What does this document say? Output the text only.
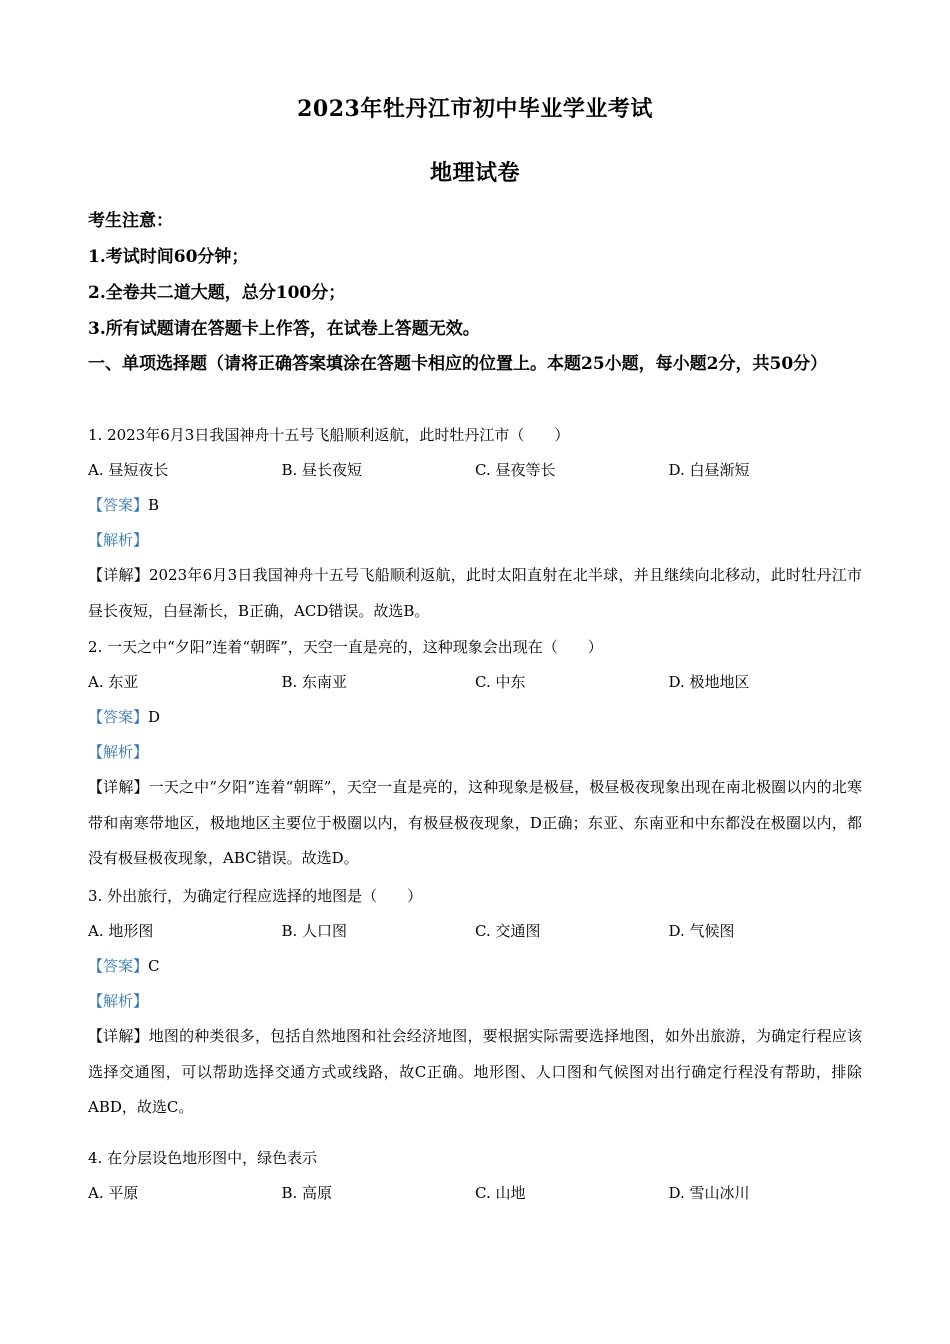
2023年牡丹江市初中毕业学业考试
地理试卷
考生注意：
1.考试时间60分钟；
2.全卷共二道大题，总分100分；
3.所有试题请在答题卡上作答，在试卷上答题无效。
一、单项选择题（请将正确答案填涂在答题卡相应的位置上。本题25小题，每小题2分，共50分）
1. 2023年6月3日我国神舟十五号飞船顺利返航，此时牡丹江市（　　）
A. 昼短夜长	B. 昼长夜短	C. 昼夜等长	D. 白昼渐短
【答案】B
【解析】
【详解】2023年6月3日我国神舟十五号飞船顺利返航，此时太阳直射在北半球，并且继续向北移动，此时牡丹江市昼长夜短，白昼渐长，B正确，ACD错误。故选B。
2. 一天之中“夕阳”连着“朝晖”，天空一直是亮的，这种现象会出现在（　　）
A. 东亚	B. 东南亚	C. 中东	D. 极地地区
【答案】D
【解析】
【详解】一天之中“夕阳”连着“朝晖”，天空一直是亮的，这种现象是极昼，极昼极夜现象出现在南北极圈以内的北寒带和南寒带地区，极地地区主要位于极圈以内，有极昼极夜现象，D正确；东亚、东南亚和中东都没在极圈以内，都没有极昼极夜现象，ABC错误。故选D。
3. 外出旅行，为确定行程应选择的地图是（　　）
A. 地形图	B. 人口图	C. 交通图	D. 气候图
【答案】C
【解析】
【详解】地图的种类很多，包括自然地图和社会经济地图，要根据实际需要选择地图，如外出旅游，为确定行程应该选择交通图，可以帮助选择交通方式或线路，故C正确。地形图、人口图和气候图对出行确定行程没有帮助，排除ABD，故选C。
4. 在分层设色地形图中，绿色表示
A. 平原	B. 高原	C. 山地	D. 雪山冰川
